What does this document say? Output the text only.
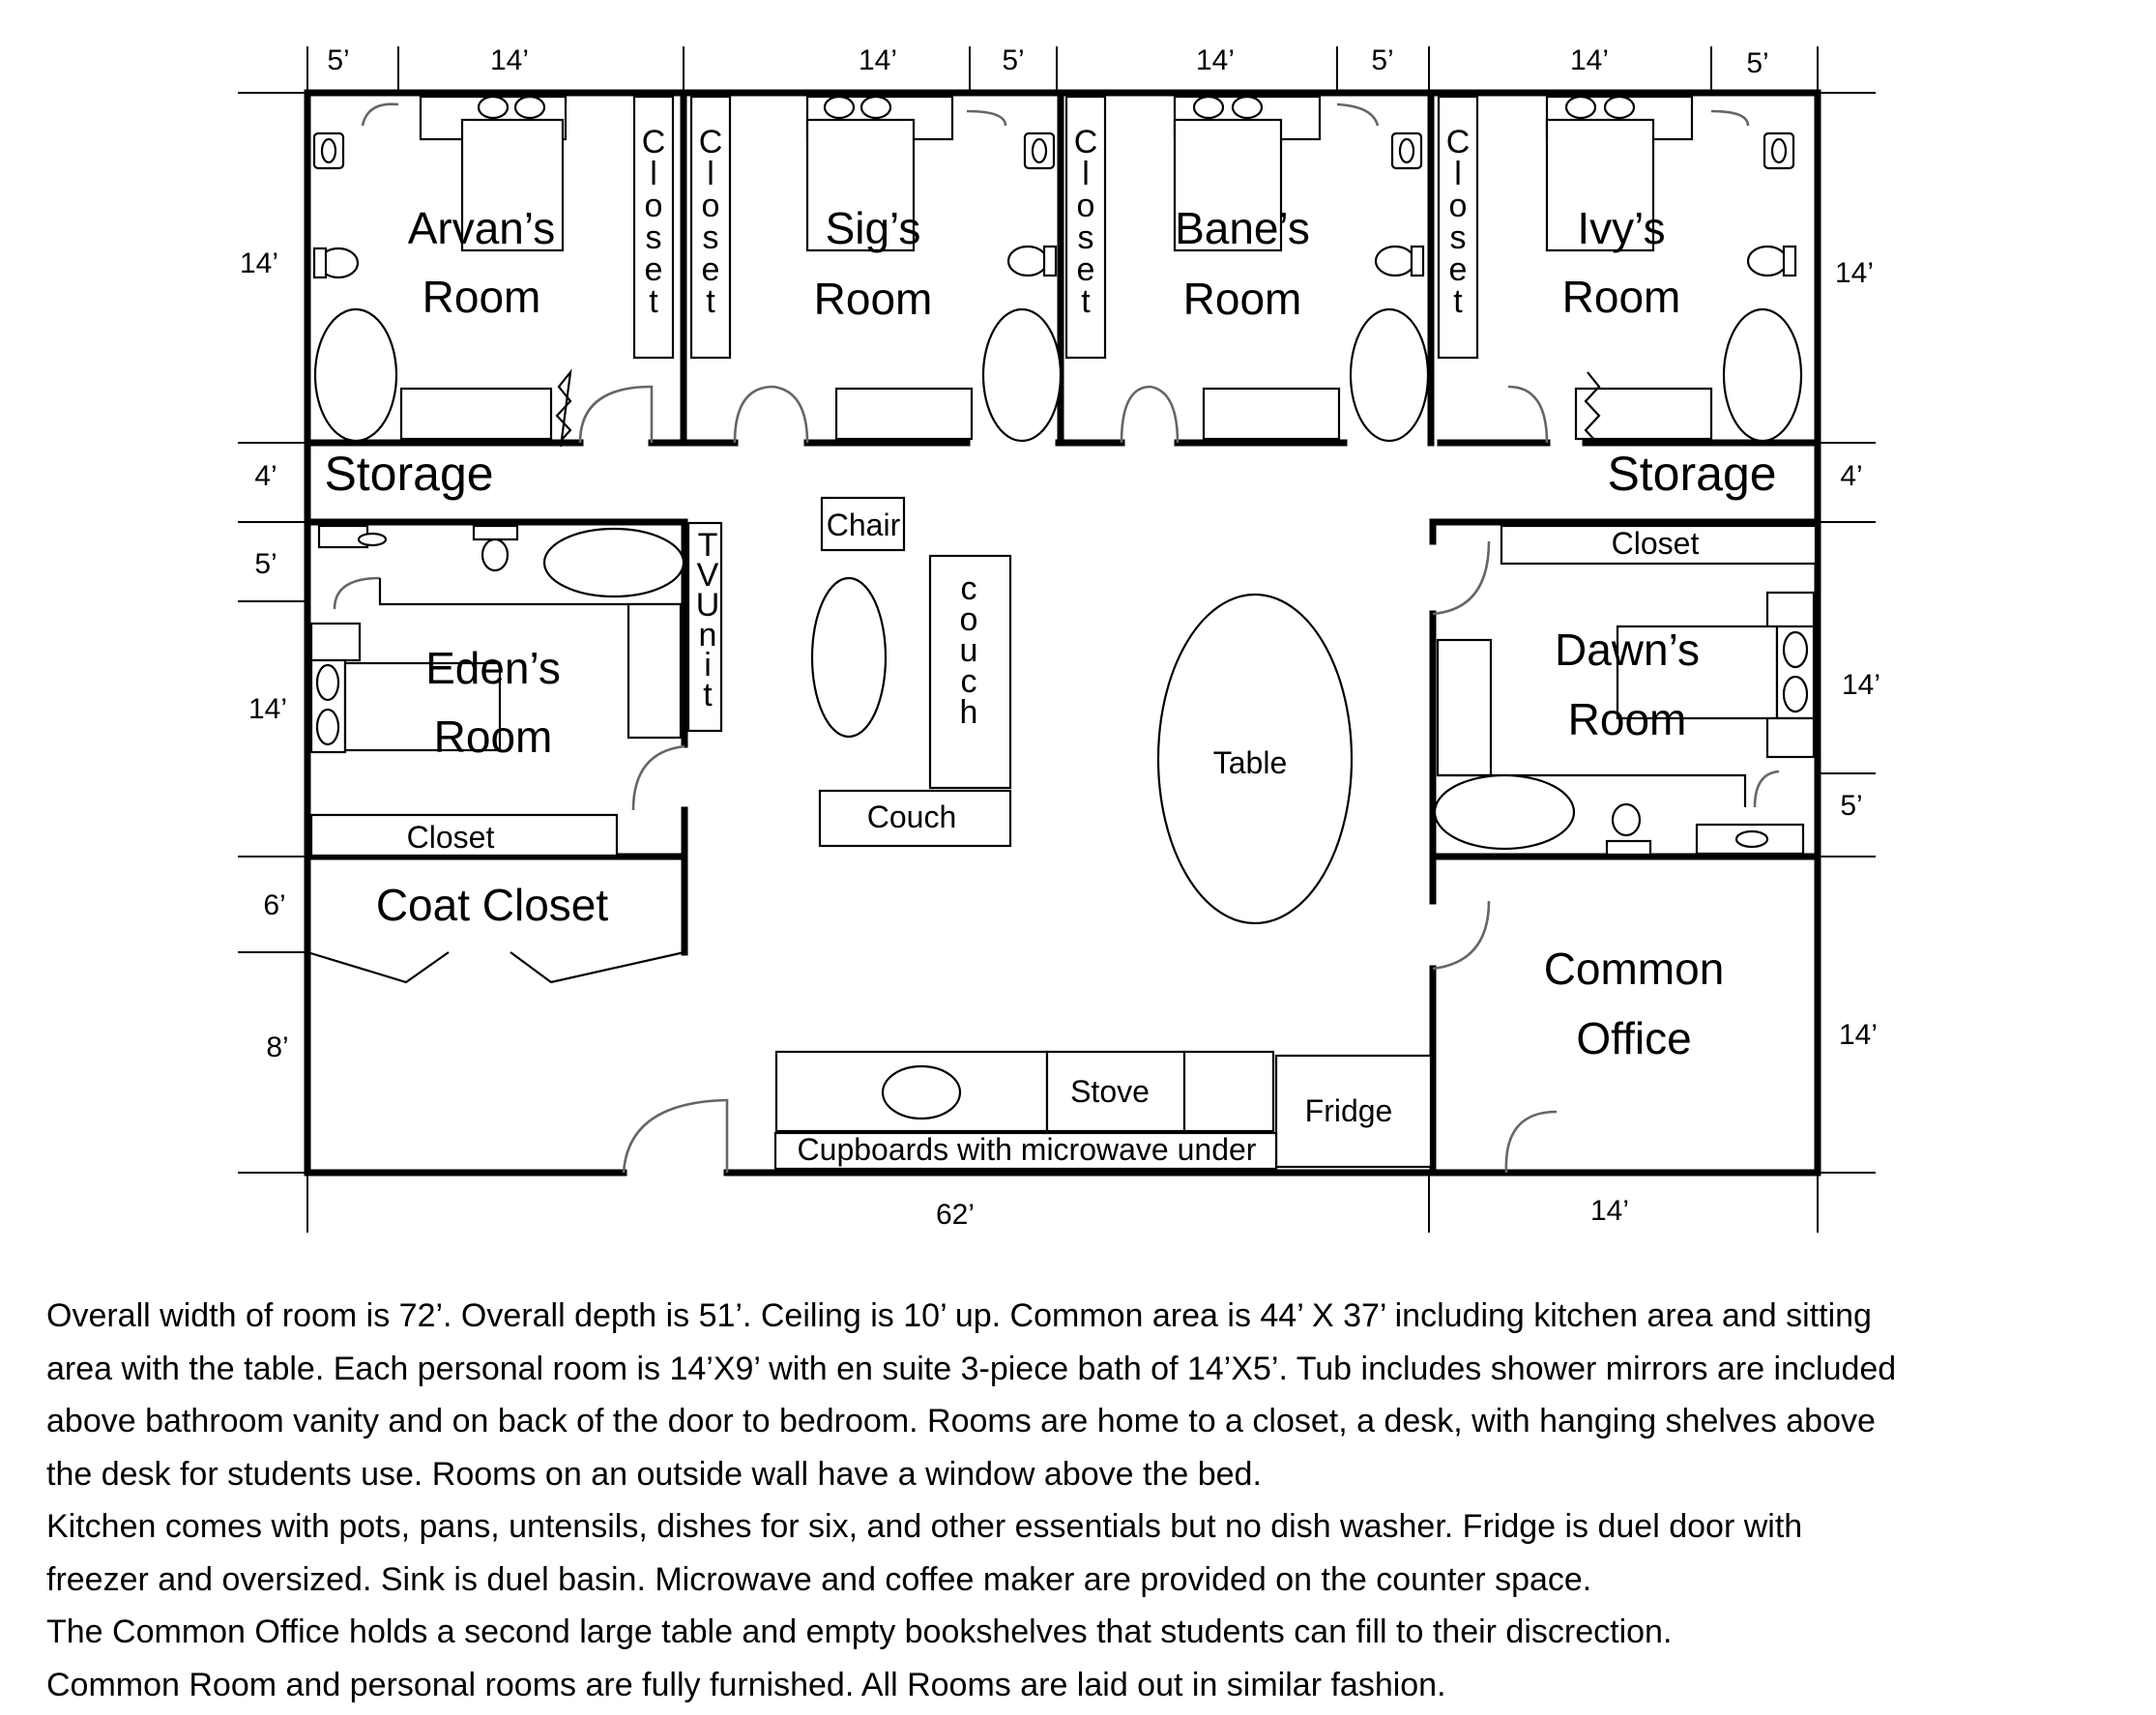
5’	14’	14’	5’	14’	5’	14’	5’
14’
4’
5’
14’
6’
8’
14’
4’
14’
5’
14’
62’	14’
Arvan’s
Room
Sig’s
Room
Bane’s
Room
Ivy’s
Room
Eden’s
Room
Dawn’s
Room
Common
Office
Storage	Storage
Coat Closet
Closet
Closet
Chair
Couch
Table
Stove
Fridge
Cupboards with microwave under
C l o s e t
C l o s e t
C l o s e t
C l o s e t
T V U n i t
c o u c h

Overall width of room is 72’. Overall depth is 51’. Ceiling is 10’ up. Common area is 44’ X 37’ including kitchen area and sitting

area with the table. Each personal room is 14’X9’ with en suite 3-piece bath of 14’X5’. Tub includes shower mirrors are included

above bathroom vanity and on back of the door to bedroom. Rooms are home to a closet, a desk, with hanging shelves above

the desk for students use. Rooms on an outside wall have a window above the bed.

Kitchen comes with pots, pans, untensils, dishes for six, and other essentials but no dish washer. Fridge is duel door with

freezer and oversized. Sink is duel basin. Microwave and coffee maker are provided on the counter space.

The Common Office holds a second large table and empty bookshelves that students can fill to their discrection.

Common Room and personal rooms are fully furnished. All Rooms are laid out in similar fashion.
